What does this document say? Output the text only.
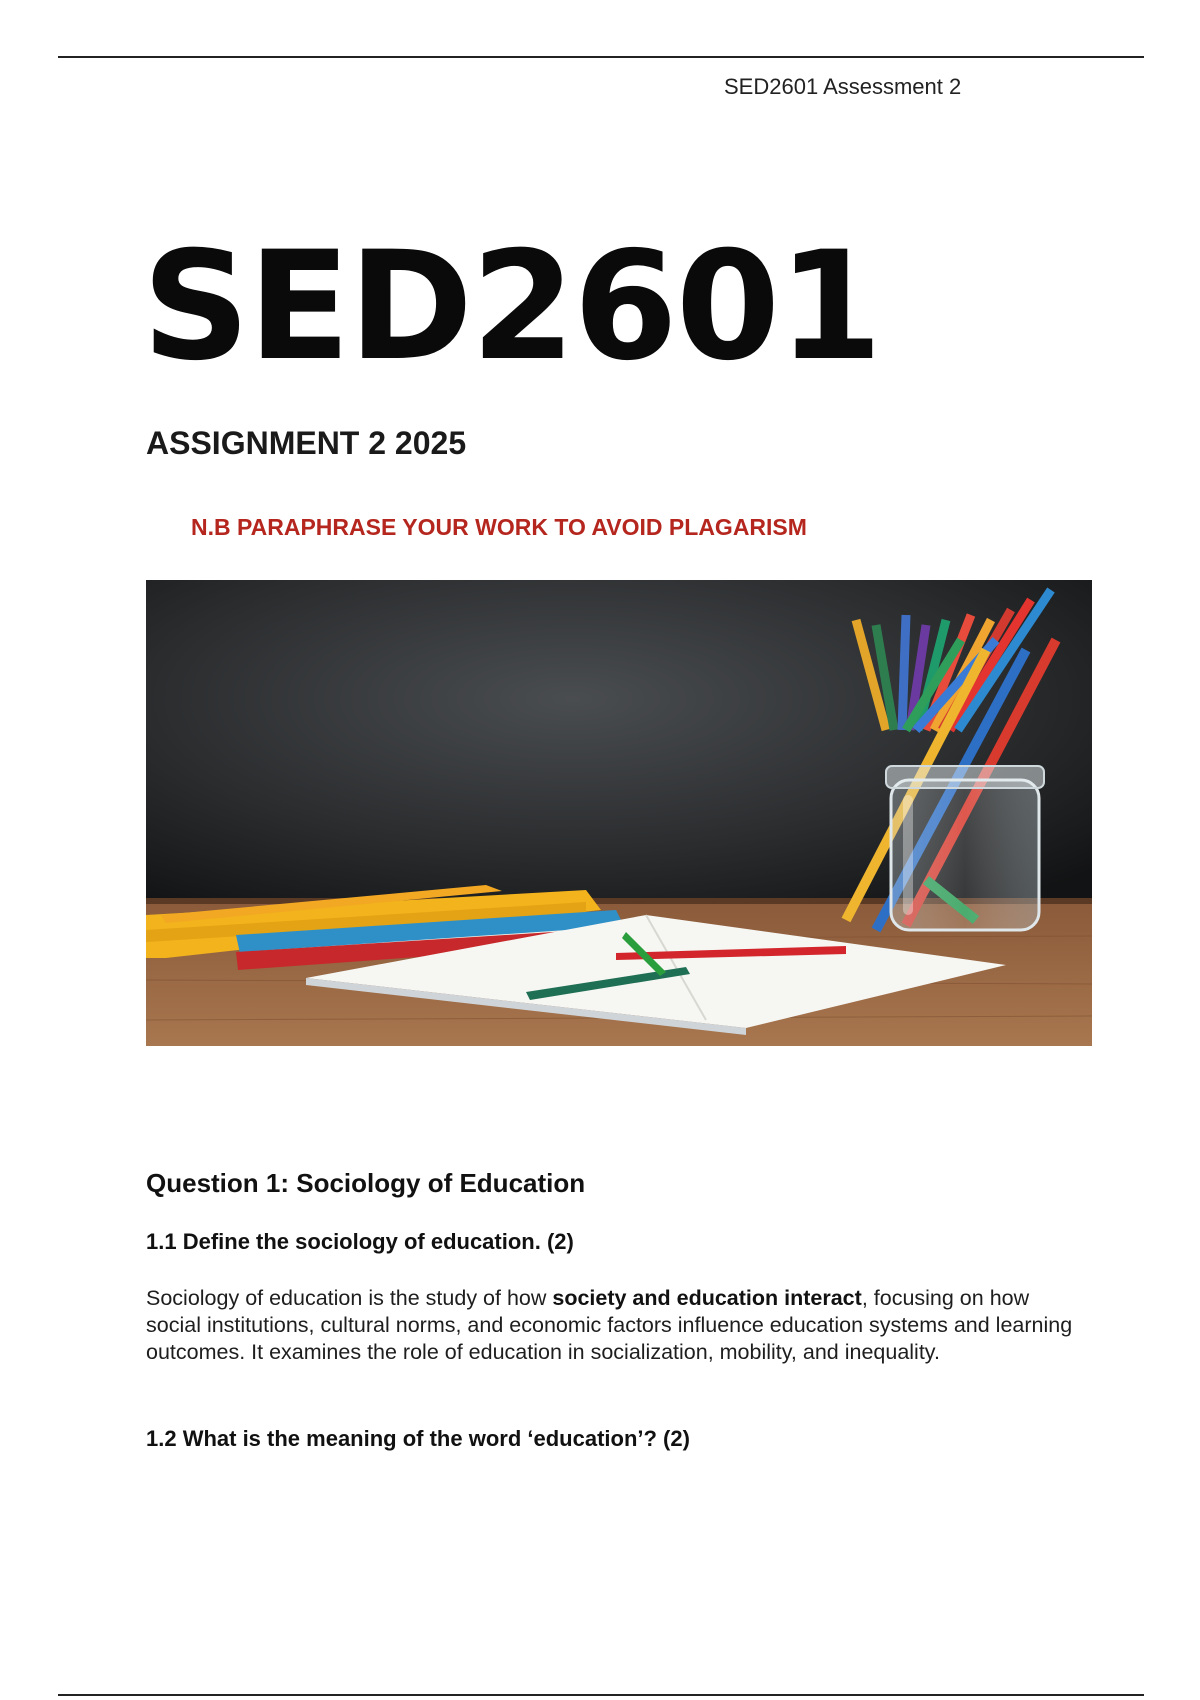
SED2601 Assessment 2
SED2601
ASSIGNMENT 2 2025
N.B PARAPHRASE YOUR WORK TO AVOID PLAGARISM
Question 1: Sociology of Education
1.1 Define the sociology of education. (2)
Sociology of education is the study of how society and education interact, focusing on how social institutions, cultural norms, and economic factors influence education systems and learning outcomes. It examines the role of education in socialization, mobility, and inequality.
1.2 What is the meaning of the word ‘education’? (2)
